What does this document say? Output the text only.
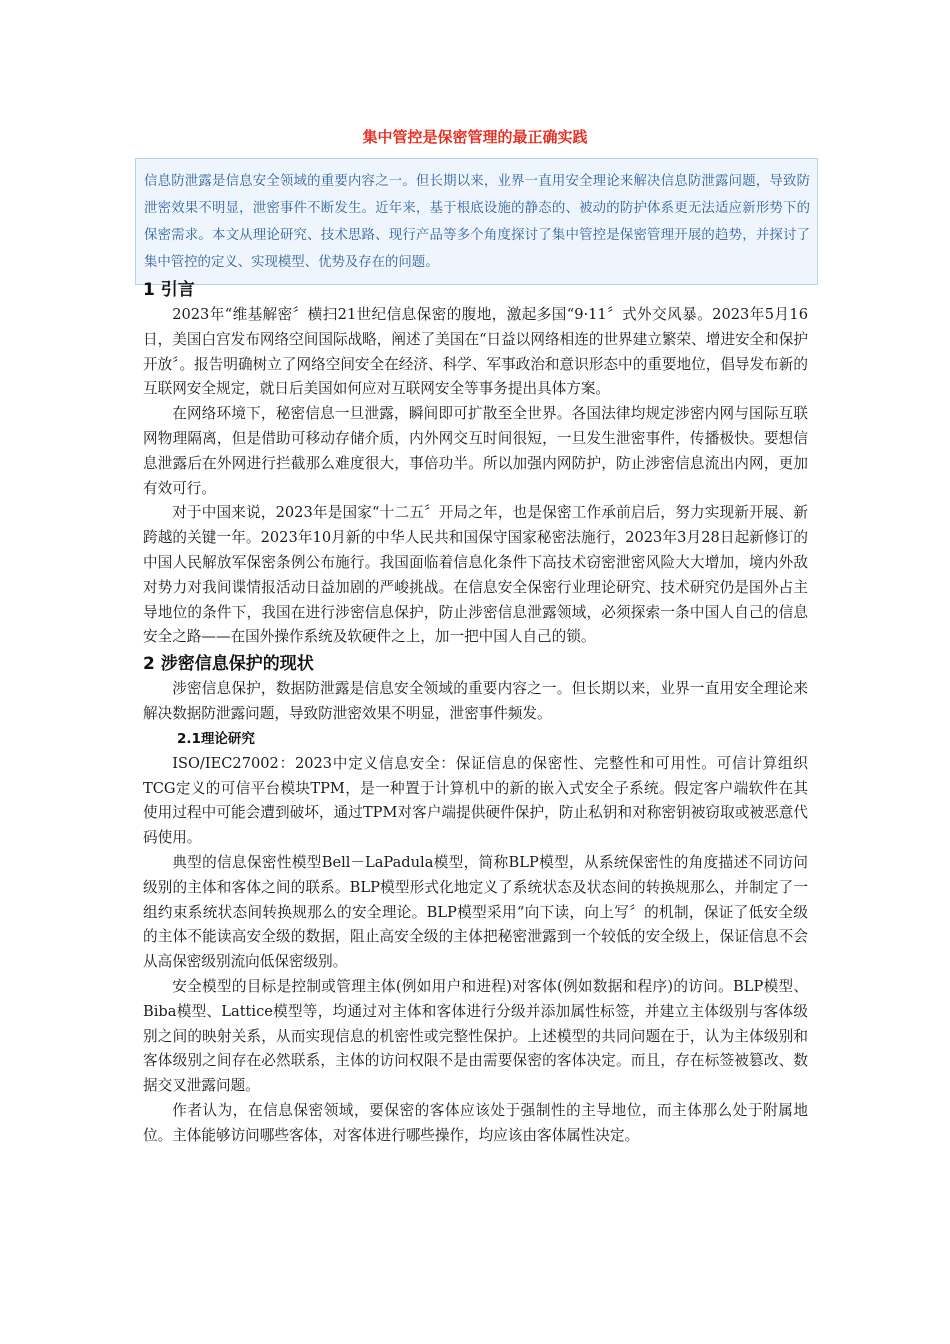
集中管控是保密管理的最正确实践
信息防泄露是信息安全领域的重要内容之一。但长期以来，业界一直用安全理论来解决信息防泄露问题，导致防泄密效果不明显，泄密事件不断发生。近年来，基于根底设施的静态的、被动的防护体系更无法适应新形势下的保密需求。本文从理论研究、技术思路、现行产品等多个角度探讨了集中管控是保密管理开展的趋势，并探讨了集中管控的定义、实现模型、优势及存在的问题。
1 引言

2023年“维基解密〞横扫21世纪信息保密的腹地，激起多国“9·11〞式外交风暴。2023年5月16日，美国白宫发布网络空间国际战略，阐述了美国在“日益以网络相连的世界建立繁荣、增进安全和保护开放〞。报告明确树立了网络空间安全在经济、科学、军事政治和意识形态中的重要地位，倡导发布新的互联网安全规定，就日后美国如何应对互联网安全等事务提出具体方案。

在网络环境下，秘密信息一旦泄露，瞬间即可扩散至全世界。各国法律均规定涉密内网与国际互联网物理隔离，但是借助可移动存储介质，内外网交互时间很短，一旦发生泄密事件，传播极快。要想信息泄露后在外网进行拦截那么难度很大，事倍功半。所以加强内网防护，防止涉密信息流出内网，更加有效可行。

对于中国来说，2023年是国家“十二五〞开局之年，也是保密工作承前启后，努力实现新开展、新跨越的关键一年。2023年10月新的中华人民共和国保守国家秘密法施行，2023年3月28日起新修订的中国人民解放军保密条例公布施行。我国面临着信息化条件下高技术窃密泄密风险大大增加，境内外敌对势力对我间谍情报活动日益加剧的严峻挑战。在信息安全保密行业理论研究、技术研究仍是国外占主导地位的条件下，我国在进行涉密信息保护，防止涉密信息泄露领域，必须探索一条中国人自己的信息安全之路——在国外操作系统及软硬件之上，加一把中国人自己的锁。

2 涉密信息保护的现状

涉密信息保护，数据防泄露是信息安全领域的重要内容之一。但长期以来，业界一直用安全理论来解决数据防泄露问题，导致防泄密效果不明显，泄密事件频发。

2.1理论研究

ISO/IEC27002：2023中定义信息安全：保证信息的保密性、完整性和可用性。可信计算组织TCG定义的可信平台模块TPM，是一种置于计算机中的新的嵌入式安全子系统。假定客户端软件在其使用过程中可能会遭到破坏，通过TPM对客户端提供硬件保护，防止私钥和对称密钥被窃取或被恶意代码使用。

典型的信息保密性模型Bell－LaPadula模型，简称BLP模型，从系统保密性的角度描述不同访问级别的主体和客体之间的联系。BLP模型形式化地定义了系统状态及状态间的转换规那么，并制定了一组约束系统状态间转换规那么的安全理论。BLP模型采用“向下读，向上写〞的机制，保证了低安全级的主体不能读高安全级的数据，阻止高安全级的主体把秘密泄露到一个较低的安全级上，保证信息不会从高保密级别流向低保密级别。

安全模型的目标是控制或管理主体(例如用户和进程)对客体(例如数据和程序)的访问。BLP模型、Biba模型、Lattice模型等，均通过对主体和客体进行分级并添加属性标签，并建立主体级别与客体级别之间的映射关系，从而实现信息的机密性或完整性保护。上述模型的共同问题在于，认为主体级别和客体级别之间存在必然联系，主体的访问权限不是由需要保密的客体决定。而且，存在标签被篡改、数据交叉泄露问题。

作者认为，在信息保密领域，要保密的客体应该处于强制性的主导地位，而主体那么处于附属地位。主体能够访问哪些客体，对客体进行哪些操作，均应该由客体属性决定。
